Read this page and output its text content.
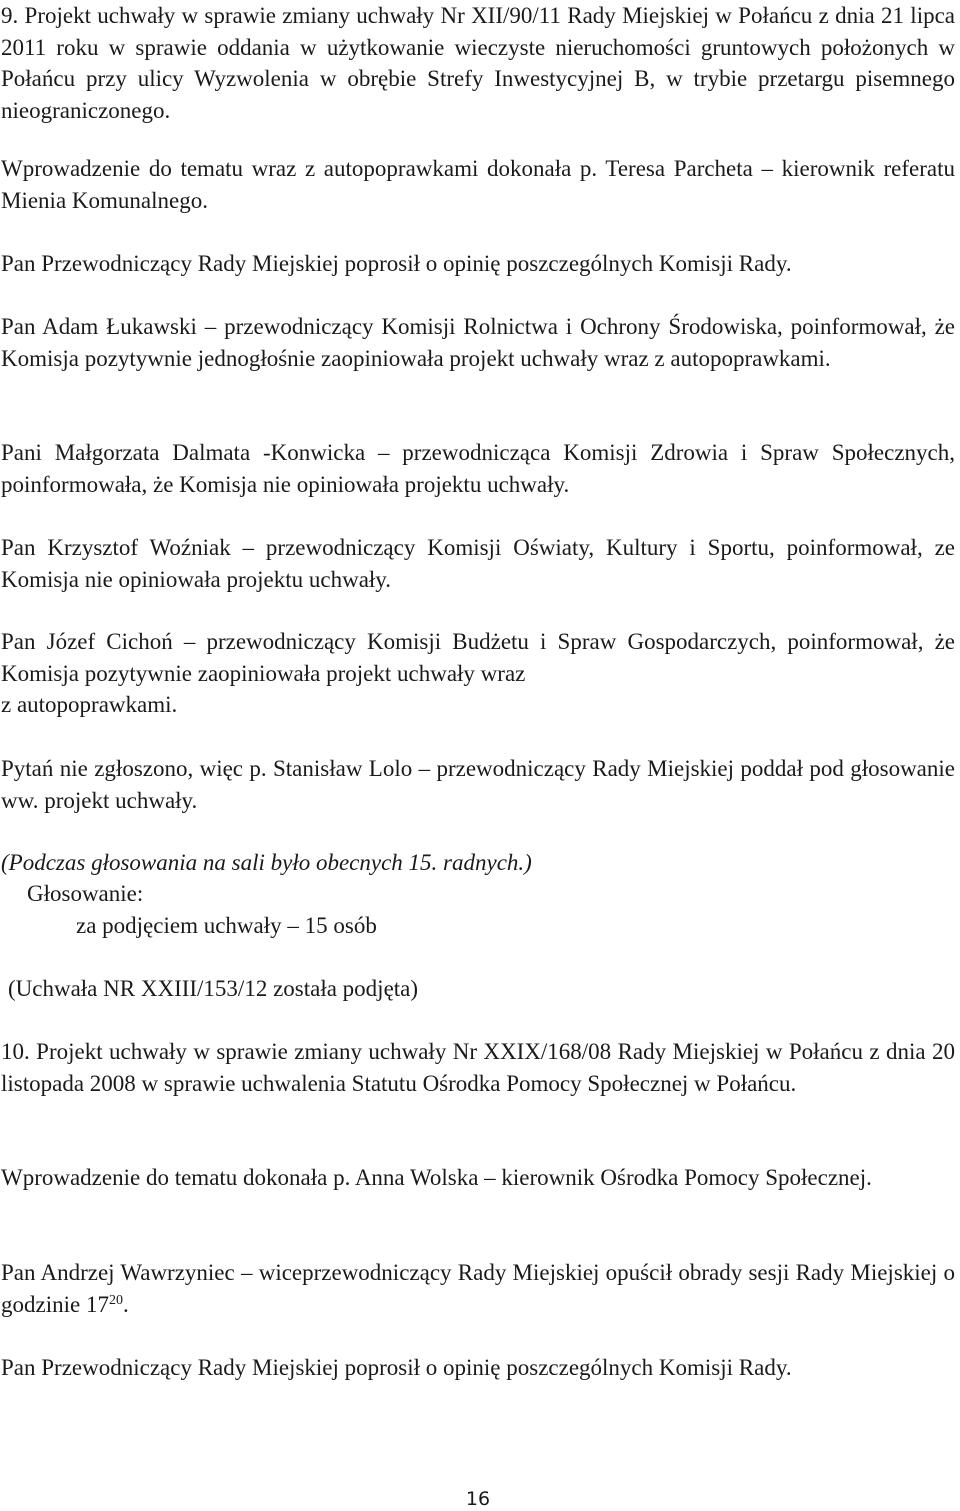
9. Projekt uchwały w sprawie zmiany uchwały Nr XII/90/11 Rady Miejskiej w Połańcu z dnia 21 lipca 2011 roku w sprawie oddania w użytkowanie wieczyste nieruchomości gruntowych położonych w Połańcu przy ulicy Wyzwolenia w obrębie Strefy Inwestycyjnej B, w trybie przetargu pisemnego nieograniczonego.

Wprowadzenie do tematu wraz z autopoprawkami dokonała p. Teresa Parcheta – kierownik referatu Mienia Komunalnego.

Pan Przewodniczący Rady Miejskiej poprosił o opinię poszczególnych Komisji Rady.

Pan Adam Łukawski – przewodniczący Komisji Rolnictwa i Ochrony Środowiska, poinformował, że Komisja pozytywnie jednogłośnie zaopiniowała projekt uchwały wraz z autopoprawkami.

Pani Małgorzata Dalmata -Konwicka – przewodnicząca Komisji Zdrowia i Spraw Społecznych, poinformowała, że Komisja nie opiniowała projektu uchwały.

Pan Krzysztof Woźniak – przewodniczący Komisji Oświaty, Kultury i Sportu, poinformował, ze Komisja nie opiniowała projektu uchwały.

Pan Józef Cichoń – przewodniczący Komisji Budżetu i Spraw Gospodarczych, poinformował, że Komisja pozytywnie zaopiniowała projekt uchwały wraz

z autopoprawkami.

Pytań nie zgłoszono, więc p. Stanisław Lolo – przewodniczący Rady Miejskiej poddał pod głosowanie ww. projekt uchwały.

(Podczas głosowania na sali było obecnych 15. radnych.)

Głosowanie:

za podjęciem uchwały – 15 osób

(Uchwała NR XXIII/153/12 została podjęta)

10. Projekt uchwały w sprawie zmiany uchwały Nr XXIX/168/08 Rady Miejskiej w Połańcu z dnia 20 listopada 2008 w sprawie uchwalenia Statutu Ośrodka Pomocy Społecznej w Połańcu.

Wprowadzenie do tematu dokonała p. Anna Wolska – kierownik Ośrodka Pomocy Społecznej.

Pan Andrzej Wawrzyniec – wiceprzewodniczący Rady Miejskiej opuścił obrady sesji Rady Miejskiej o godzinie $17^{20}$.

Pan Przewodniczący Rady Miejskiej poprosił o opinię poszczególnych Komisji Rady.

16
